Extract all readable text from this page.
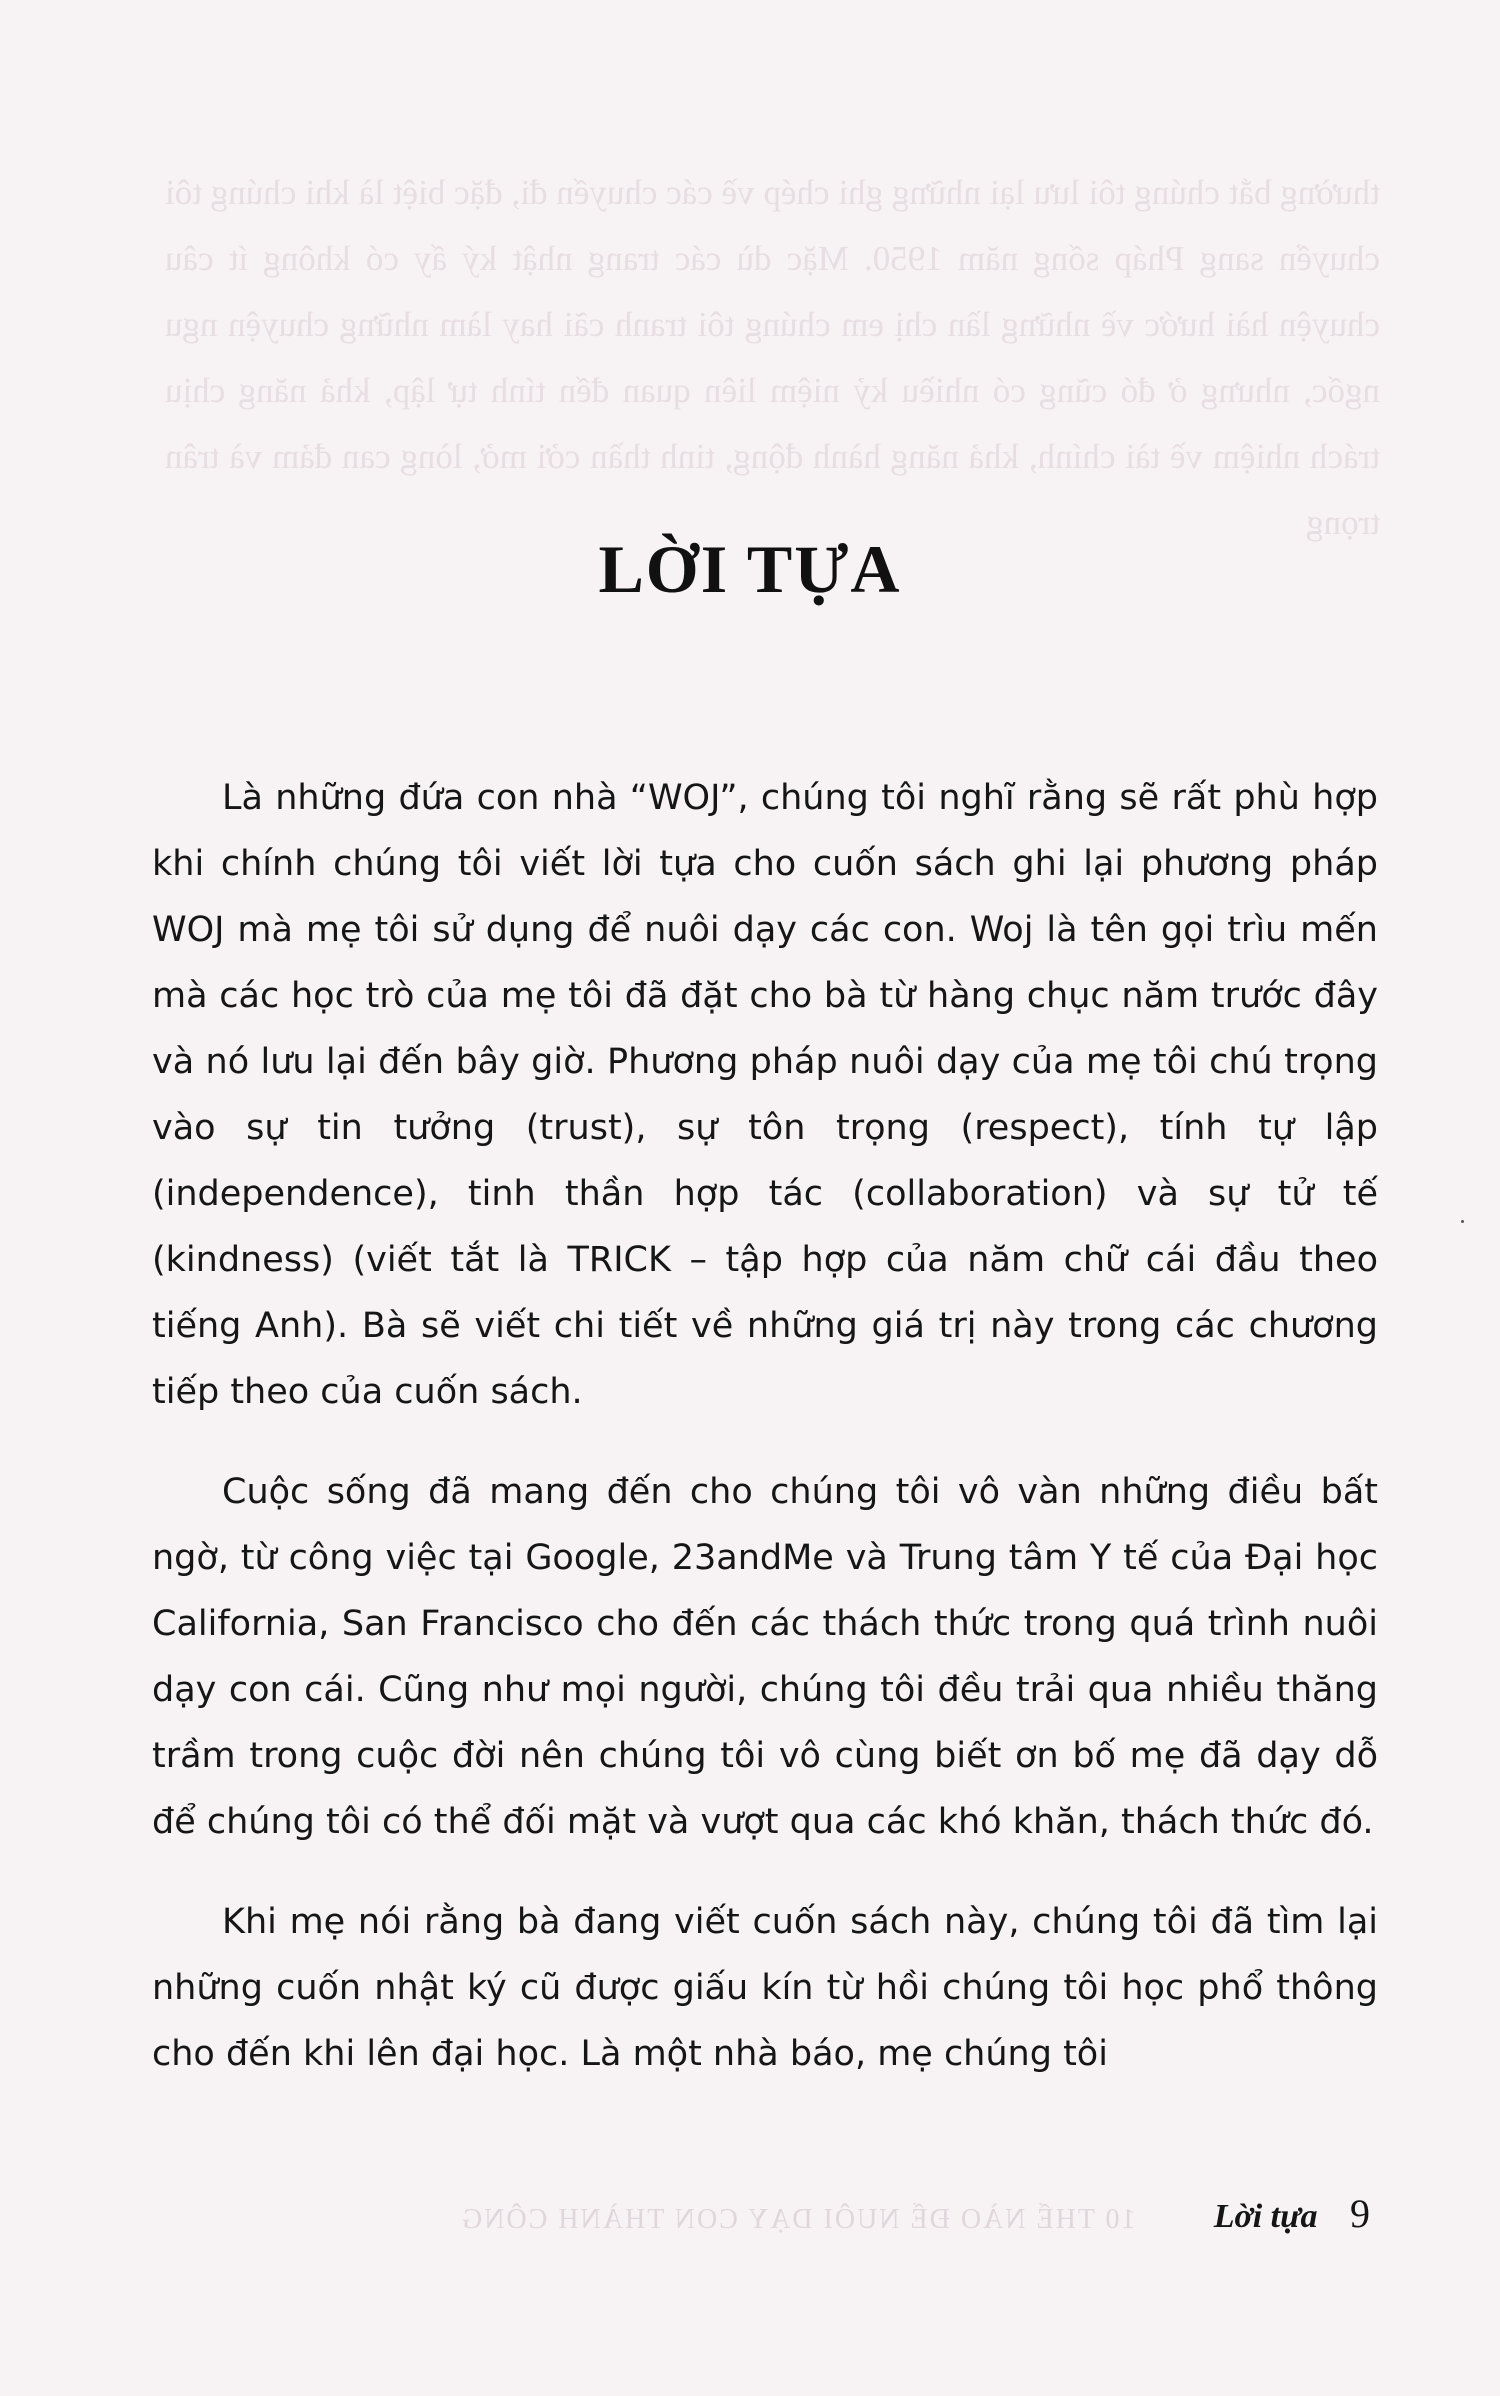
thường bắt chúng tôi lưu lại những ghi chép về các chuyến đi, đặc biệt là khi chúng tôi chuyển sang Pháp sống năm 1950. Mặc dù các trang nhật ký ấy có không ít câu chuyện hài hước về những lần chị em chúng tôi tranh cãi hay làm những chuyện ngu ngốc, nhưng ở đó cũng có nhiều kỷ niệm liên quan đến tính tự lập, khả năng chịu trách nhiệm về tài chính, khả năng hành động, tinh thần cởi mở, lòng can đảm và trân trọng
10 THẾ NÀO ĐỂ NUÔI DẠY CON THÀNH CÔNG
LỜI TỰA

Là những đứa con nhà “WOJ”, chúng tôi nghĩ rằng sẽ rất phù hợp khi chính chúng tôi viết lời tựa cho cuốn sách ghi lại phương pháp WOJ mà mẹ tôi sử dụng để nuôi dạy các con. Woj là tên gọi trìu mến mà các học trò của mẹ tôi đã đặt cho bà từ hàng chục năm trước đây và nó lưu lại đến bây giờ. Phương pháp nuôi dạy của mẹ tôi chú trọng vào sự tin tưởng (trust), sự tôn trọng (respect), tính tự lập (independence), tinh thần hợp tác (collaboration) và sự tử tế (kindness) (viết tắt là TRICK – tập hợp của năm chữ cái đầu theo tiếng Anh). Bà sẽ viết chi tiết về những giá trị này trong các chương tiếp theo của cuốn sách.

Cuộc sống đã mang đến cho chúng tôi vô vàn những điều bất ngờ, từ công việc tại Google, 23andMe và Trung tâm Y tế của Đại học California, San Francisco cho đến các thách thức trong quá trình nuôi dạy con cái. Cũng như mọi người, chúng tôi đều trải qua nhiều thăng trầm trong cuộc đời nên chúng tôi vô cùng biết ơn bố mẹ đã dạy dỗ để chúng tôi có thể đối mặt và vượt qua các khó khăn, thách thức đó.

Khi mẹ nói rằng bà đang viết cuốn sách này, chúng tôi đã tìm lại những cuốn nhật ký cũ được giấu kín từ hồi chúng tôi học phổ thông cho đến khi lên đại học. Là một nhà báo, mẹ chúng tôi

Lời tựa 9
